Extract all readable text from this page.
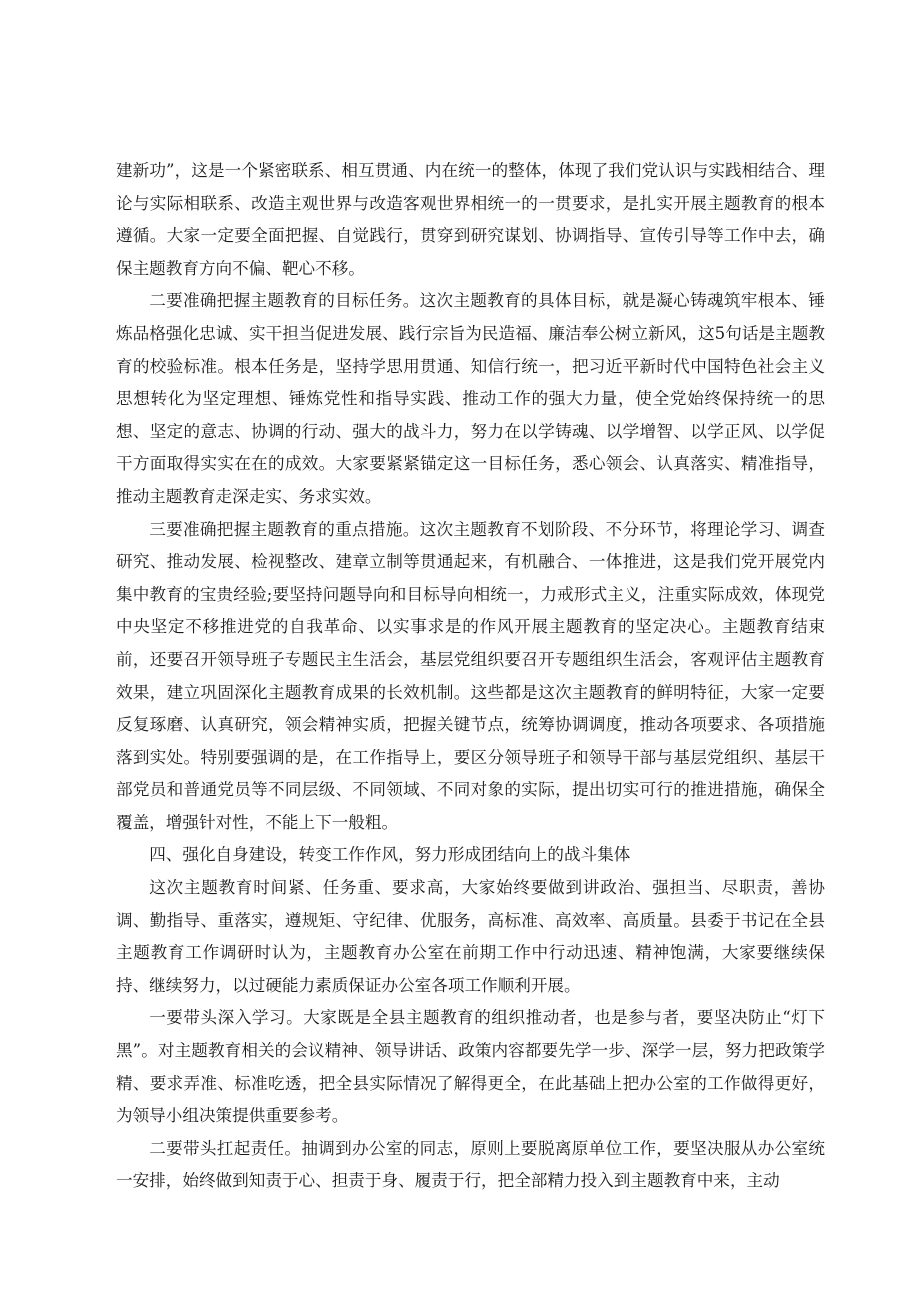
建新功”，这是一个紧密联系、相互贯通、内在统一的整体，体现了我们党认识与实践相结合、理论与实际相联系、改造主观世界与改造客观世界相统一的一贯要求，是扎实开展主题教育的根本遵循。大家一定要全面把握、自觉践行，贯穿到研究谋划、协调指导、宣传引导等工作中去，确保主题教育方向不偏、靶心不移。

二要准确把握主题教育的目标任务。这次主题教育的具体目标，就是凝心铸魂筑牢根本、锤炼品格强化忠诚、实干担当促进发展、践行宗旨为民造福、廉洁奉公树立新风，这5句话是主题教育的校验标准。根本任务是，坚持学思用贯通、知信行统一，把习近平新时代中国特色社会主义思想转化为坚定理想、锤炼党性和指导实践、推动工作的强大力量，使全党始终保持统一的思想、坚定的意志、协调的行动、强大的战斗力，努力在以学铸魂、以学增智、以学正风、以学促干方面取得实实在在的成效。大家要紧紧锚定这一目标任务，悉心领会、认真落实、精准指导，推动主题教育走深走实、务求实效。

三要准确把握主题教育的重点措施。这次主题教育不划阶段、不分环节，将理论学习、调查研究、推动发展、检视整改、建章立制等贯通起来，有机融合、一体推进，这是我们党开展党内集中教育的宝贵经验;要坚持问题导向和目标导向相统一，力戒形式主义，注重实际成效，体现党中央坚定不移推进党的自我革命、以实事求是的作风开展主题教育的坚定决心。主题教育结束前，还要召开领导班子专题民主生活会，基层党组织要召开专题组织生活会，客观评估主题教育效果，建立巩固深化主题教育成果的长效机制。这些都是这次主题教育的鲜明特征，大家一定要反复琢磨、认真研究，领会精神实质，把握关键节点，统筹协调调度，推动各项要求、各项措施落到实处。特别要强调的是，在工作指导上，要区分领导班子和领导干部与基层党组织、基层干部党员和普通党员等不同层级、不同领域、不同对象的实际，提出切实可行的推进措施，确保全覆盖，增强针对性，不能上下一般粗。

四、强化自身建设，转变工作作风，努力形成团结向上的战斗集体

这次主题教育时间紧、任务重、要求高，大家始终要做到讲政治、强担当、尽职责，善协调、勤指导、重落实，遵规矩、守纪律、优服务，高标准、高效率、高质量。县委于书记在全县主题教育工作调研时认为，主题教育办公室在前期工作中行动迅速、精神饱满，大家要继续保持、继续努力，以过硬能力素质保证办公室各项工作顺利开展。

一要带头深入学习。大家既是全县主题教育的组织推动者，也是参与者，要坚决防止“灯下黑”。对主题教育相关的会议精神、领导讲话、政策内容都要先学一步、深学一层，努力把政策学精、要求弄准、标准吃透，把全县实际情况了解得更全，在此基础上把办公室的工作做得更好，为领导小组决策提供重要参考。

二要带头扛起责任。抽调到办公室的同志，原则上要脱离原单位工作，要坚决服从办公室统一安排，始终做到知责于心、担责于身、履责于行，把全部精力投入到主题教育中来，主动
